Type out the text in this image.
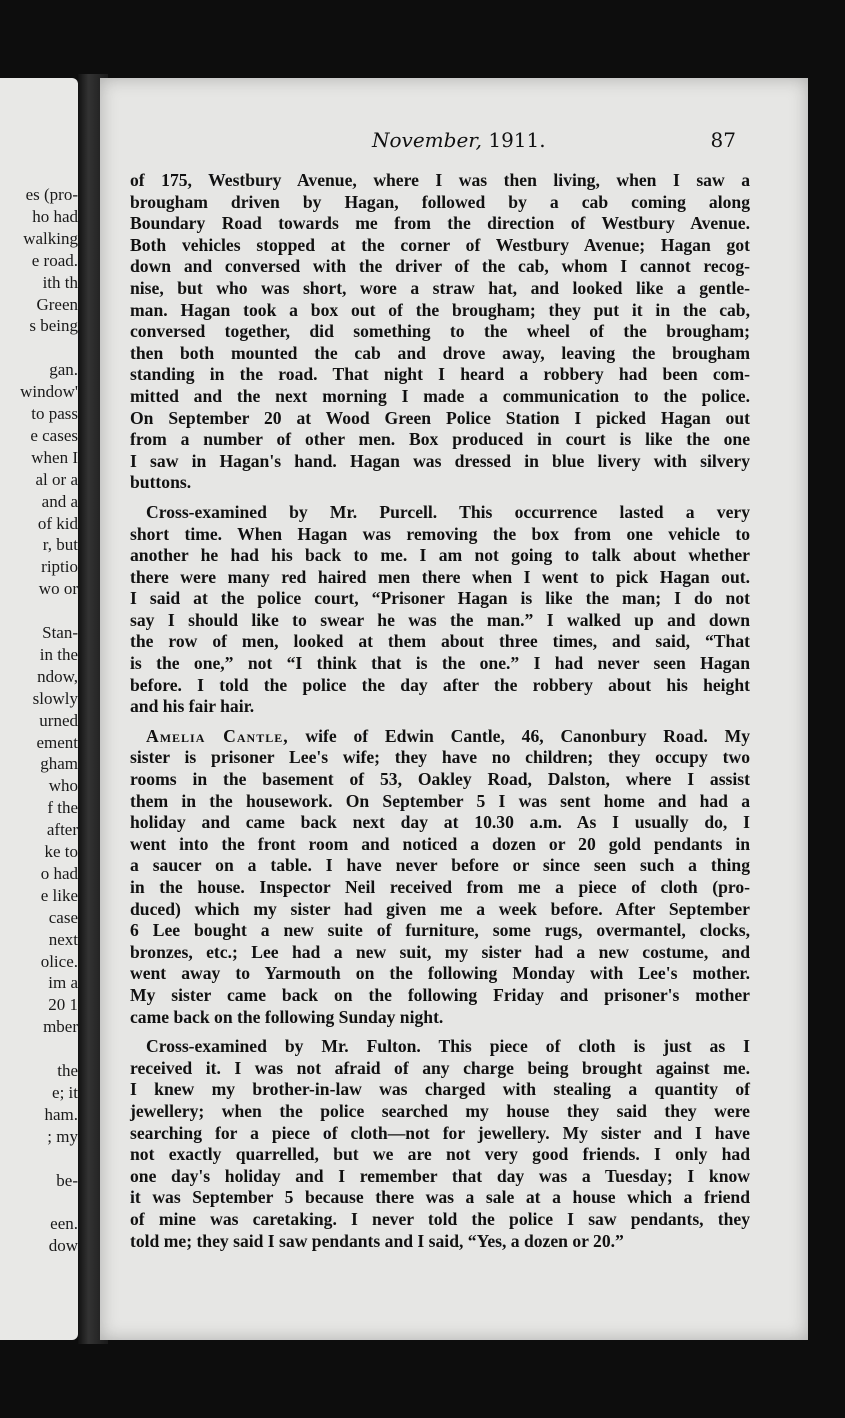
es (pro-
ho had
walking
e road.
ith th
Green
s being
gan.
window'
to pass
e cases
when I
al or a
and a
of kid
r, but
riptio
wo or
Stan-
in the
ndow,
slowly
urned
ement
gham
who
f the
after
ke to
o had
e like
case
next
olice.
im a
20 1
mber
the
e; it
ham.
; my
be-
een.
dow
November, 1911.	87
of 175, Westbury Avenue, where I was then living, when I saw a
brougham driven by Hagan, followed by a cab coming along
Boundary Road towards me from the direction of Westbury Avenue.
Both vehicles stopped at the corner of Westbury Avenue; Hagan got
down and conversed with the driver of the cab, whom I cannot recog-
nise, but who was short, wore a straw hat, and looked like a gentle-
man. Hagan took a box out of the brougham; they put it in the cab,
conversed together, did something to the wheel of the brougham;
then both mounted the cab and drove away, leaving the brougham
standing in the road. That night I heard a robbery had been com-
mitted and the next morning I made a communication to the police.
On September 20 at Wood Green Police Station I picked Hagan out
from a number of other men. Box produced in court is like the one
I saw in Hagan's hand. Hagan was dressed in blue livery with silvery
buttons.
Cross-examined by Mr. Purcell. This occurrence lasted a very
short time. When Hagan was removing the box from one vehicle to
another he had his back to me. I am not going to talk about whether
there were many red haired men there when I went to pick Hagan out.
I said at the police court, “Prisoner Hagan is like the man; I do not
say I should like to swear he was the man.” I walked up and down
the row of men, looked at them about three times, and said, “That
is the one,” not “I think that is the one.” I had never seen Hagan
before. I told the police the day after the robbery about his height
and his fair hair.
Amelia Cantle, wife of Edwin Cantle, 46, Canonbury Road. My
sister is prisoner Lee's wife; they have no children; they occupy two
rooms in the basement of 53, Oakley Road, Dalston, where I assist
them in the housework. On September 5 I was sent home and had a
holiday and came back next day at 10.30 a.m. As I usually do, I
went into the front room and noticed a dozen or 20 gold pendants in
a saucer on a table. I have never before or since seen such a thing
in the house. Inspector Neil received from me a piece of cloth (pro-
duced) which my sister had given me a week before. After September
6 Lee bought a new suite of furniture, some rugs, overmantel, clocks,
bronzes, etc.; Lee had a new suit, my sister had a new costume, and
went away to Yarmouth on the following Monday with Lee's mother.
My sister came back on the following Friday and prisoner's mother
came back on the following Sunday night.
Cross-examined by Mr. Fulton. This piece of cloth is just as I
received it. I was not afraid of any charge being brought against me.
I knew my brother-in-law was charged with stealing a quantity of
jewellery; when the police searched my house they said they were
searching for a piece of cloth—not for jewellery. My sister and I have
not exactly quarrelled, but we are not very good friends. I only had
one day's holiday and I remember that day was a Tuesday; I know
it was September 5 because there was a sale at a house which a friend
of mine was caretaking. I never told the police I saw pendants, they
told me; they said I saw pendants and I said, “Yes, a dozen or 20.”
